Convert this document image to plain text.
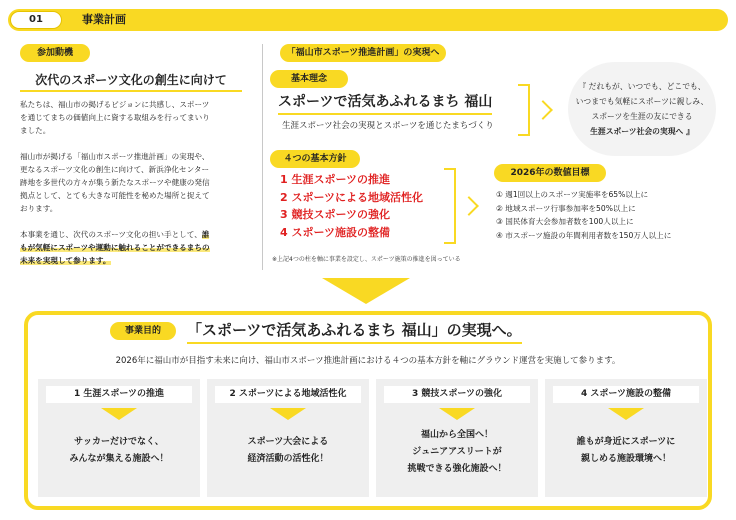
01	事業計画
参加動機
次代のスポーツ文化の創生に向けて
私たちは、福山市の掲げるビジョンに共感し、スポーツ
を通じてまちの価値向上に資する取組みを行ってまいり
ました。
福山市が掲げる「福山市スポーツ推進計画」の実現や、
更なるスポーツ文化の創生に向けて、新浜浄化センター
跡地を多世代の方々が集う新たなスポーツや健康の発信
拠点として、とても大きな可能性を秘めた場所と捉えて
おります。
本事業を通じ、次代のスポーツ文化の担い手として、誰
もが気軽にスポーツや運動に触れることができるまちの
未来を実現して参ります。
「福山市スポーツ推進計画」の実現へ
基本理念
スポーツで活気あふれるまち 福山
生涯スポーツ社会の実現とスポーツを通じたまちづくり
『 だれもが、いつでも、どこでも、
いつまでも気軽にスポーツに親しみ、
スポーツを生涯の友にできる
生涯スポーツ社会の実現へ 』
４つの基本方針
1 生涯スポーツの推進
2 スポーツによる地域活性化
3 競技スポーツの強化
4 スポーツ施設の整備
2026年の数値目標
① 週1回以上のスポーツ実施率を65%以上に
② 地域スポーツ行事参加率を50%以上に
③ 国民体育大会参加者数を100人以上に
④ 市スポーツ施設の年間利用者数を150万人以上に
※上記4つの柱を軸に事業を設定し、スポーツ施策の推進を図っている
事業目的	「スポーツで活気あふれるまち 福山」の実現へ。
2026年に福山市が目指す未来に向け、福山市スポーツ推進計画における４つの基本方針を軸にグラウンド運営を実施して参ります。
1 生涯スポーツの推進
サッカーだけでなく、
みんなが集える施設へ！
2 スポーツによる地域活性化
スポーツ大会による
経済活動の活性化！
3 競技スポーツの強化
福山から全国へ！
ジュニアアスリートが
挑戦できる強化施設へ！
4 スポーツ施設の整備
誰もが身近にスポーツに
親しめる施設環境へ！
